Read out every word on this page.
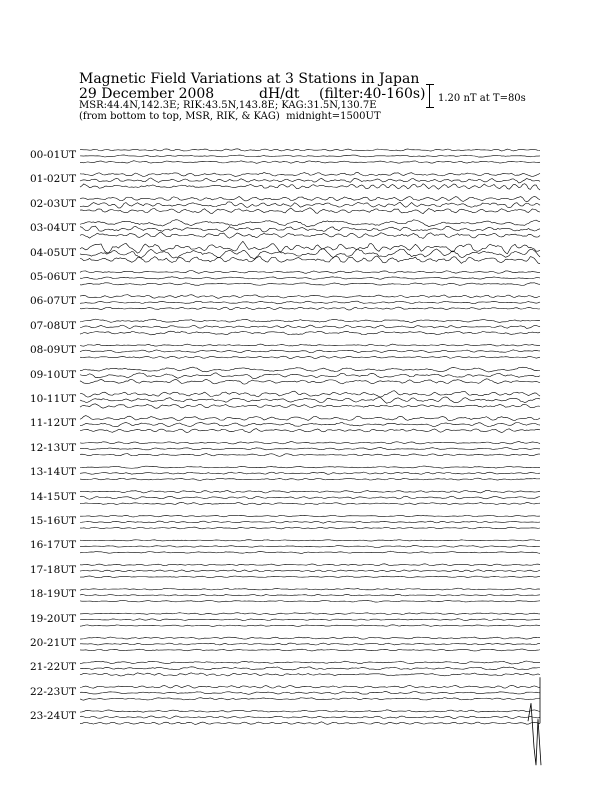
Magnetic Field Variations at 3 Stations in Japan
29 December 2008	dH/dt (filter:40-160s)
MSR:44.4N,142.3E; RIK:43.5N,143.8E; KAG:31.5N,130.7E
(from bottom to top, MSR, RIK, & KAG) midnight=1500UT
1.20 nT at T=80s
00-01UT
01-02UT
02-03UT
03-04UT
04-05UT
05-06UT
06-07UT
07-08UT
08-09UT
09-10UT
10-11UT
11-12UT
12-13UT
13-14UT
14-15UT
15-16UT
16-17UT
17-18UT
18-19UT
19-20UT
20-21UT
21-22UT
22-23UT
23-24UT
